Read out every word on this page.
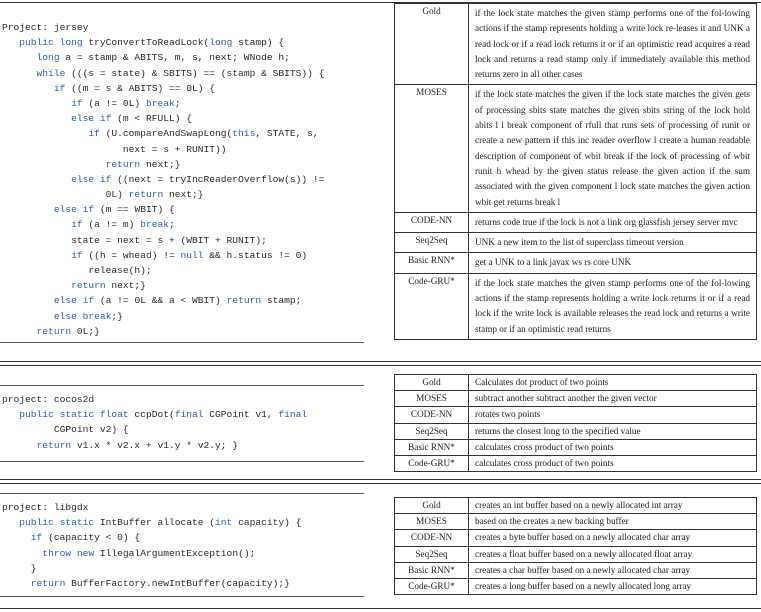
Project: jersey
public long tryConvertToReadLock(long stamp) {
long a = stamp & ABITS, m, s, next; WNode h;
while (((s = state) & SBITS) == (stamp & SBITS)) {
if ((m = s & ABITS) == 0L) {
if (a != 0L) break;
else if (m < RFULL) {
if (U.compareAndSwapLong(this, STATE, s,
next = s + RUNIT))
return next;}
else if ((next = tryIncReaderOverflow(s)) !=
0L) return next;}
else if (m == WBIT) {
if (a != m) break;
state = next = s + (WBIT + RUNIT);
if ((h = whead) != null && h.status != 0)
release(h);
return next;}
else if (a != 0L && a < WBIT) return stamp;
else break;}
return 0L;}
Gold	if the lock state matches the given stamp performs one of the fol-lowing actions if the stamp represents holding a write lock re-leases it and UNK a read lock or if a read lock returns it or if an optimistic read acquires a read lock and returns a read stamp only if immediately available this method returns zero in all other cases
MOSES	if the lock state matches the given if the lock state matches the given gets of processing sbits state matches the given sbits string of the lock hold abits l l break component of rfull that runs sets of processing of runit or create a new pattern if this inc reader overflow l create a human readable description of component of wbit break if the lock of processing of wbit runit h whead by the given status release the given action if the sum associated with the given component l lock state matches the given action wbit get returns break l
CODE-NN	returns code true if the lock is not a link org glassfish jersey server mvc
Seq2Seq	UNK a new item to the list of superclass timeout version
Basic RNN*	get a UNK to a link javax ws rs core UNK
Code-GRU*	if the lock state matches the given stamp performs one of the fol-lowing actions if the stamp represents holding a write lock returns it or if a read lock if the write lock is available releases the read lock and returns a write stamp or if an optimistic read returns
project: cocos2d
public static float ccpDot(final CGPoint v1, final
CGPoint v2) {
return v1.x * v2.x + v1.y * v2.y; }
Gold	Calculates dot product of two points
MOSES	subtract another subtract another the given vector
CODE-NN	rotates two points
Seq2Seq	returns the closest long to the specified value
Basic RNN*	calculates cross product of two points
Code-GRU*	calculates cross product of two points
project: libgdx
public static IntBuffer allocate (int capacity) {
if (capacity < 0) {
throw new IllegalArgumentException();
}
return BufferFactory.newIntBuffer(capacity);}
Gold	creates an int buffer based on a newly allocated int array
MOSES	based on the creates a new backing buffer
CODE-NN	creates a byte buffer based on a newly allocated char array
Seq2Seq	creates a float buffer based on a newly allocated float array
Basic RNN*	creates a char buffer based on a newly allocated char array
Code-GRU*	creates a long buffer based on a newly allocated long array
